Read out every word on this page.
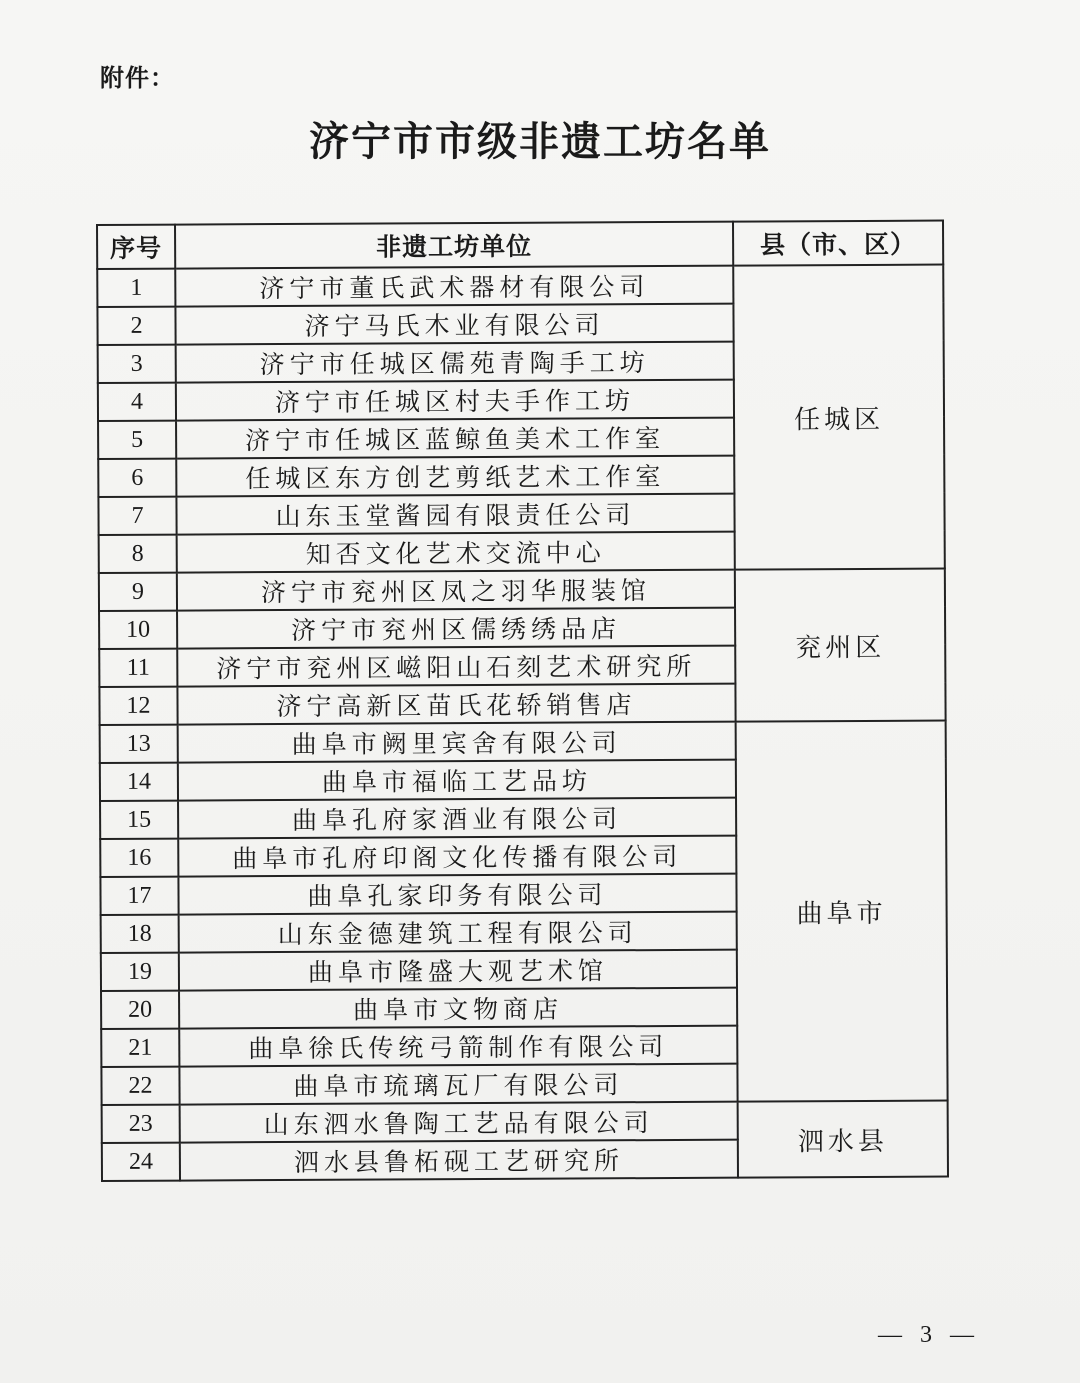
附件：
济宁市市级非遗工坊名单
序号	非遗工坊单位	县（市、区）
1	济宁市董氏武术器材有限公司	任城区
2	济宁马氏木业有限公司	
3	济宁市任城区儒苑青陶手工坊	
4	济宁市任城区村夫手作工坊	
5	济宁市任城区蓝鲸鱼美术工作室	
6	任城区东方创艺剪纸艺术工作室	
7	山东玉堂酱园有限责任公司	
8	知否文化艺术交流中心	
9	济宁市兖州区凤之羽华服装馆	兖州区
10	济宁市兖州区儒绣绣品店	
11	济宁市兖州区嵫阳山石刻艺术研究所	
12	济宁高新区苗氏花轿销售店	
13	曲阜市阙里宾舍有限公司	曲阜市
14	曲阜市福临工艺品坊	
15	曲阜孔府家酒业有限公司	
16	曲阜市孔府印阁文化传播有限公司	
17	曲阜孔家印务有限公司	
18	山东金德建筑工程有限公司	
19	曲阜市隆盛大观艺术馆	
20	曲阜市文物商店	
21	曲阜徐氏传统弓箭制作有限公司	
22	曲阜市琉璃瓦厂有限公司	
23	山东泗水鲁陶工艺品有限公司	泗水县
24	泗水县鲁柘砚工艺研究所	
— 3 —
